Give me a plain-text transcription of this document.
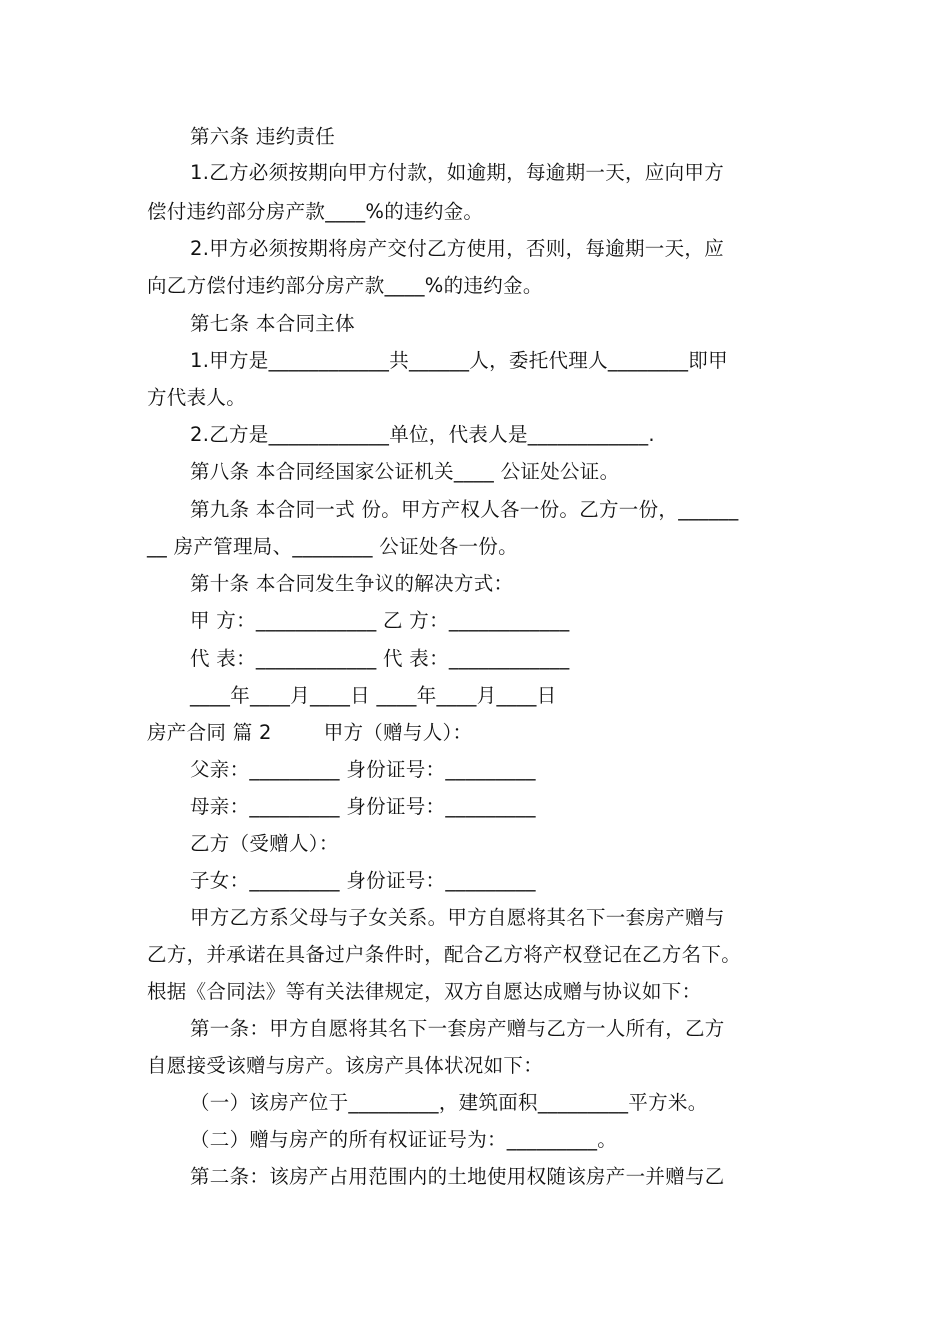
第六条 违约责任
1.乙方必须按期向甲方付款，如逾期，每逾期一天，应向甲方
偿付违约部分房产款____%的违约金。
2.甲方必须按期将房产交付乙方使用，否则，每逾期一天，应
向乙方偿付违约部分房产款____%的违约金。
第七条 本合同主体
1.甲方是____________共______人，委托代理人________即甲
方代表人。
2.乙方是____________单位，代表人是____________.
第八条 本合同经国家公证机关____ 公证处公证。
第九条 本合同一式 份。甲方产权人各一份。乙方一份，______
__ 房产管理局、________ 公证处各一份。
第十条 本合同发生争议的解决方式：
甲 方：____________ 乙 方：____________
代 表：____________ 代 表：____________
____年____月____日 ____年____月____日
房产合同 篇 2        甲方（赠与人）：
父亲：_________ 身份证号：_________
母亲：_________ 身份证号：_________
乙方（受赠人）：
子女：_________ 身份证号：_________
甲方乙方系父母与子女关系。甲方自愿将其名下一套房产赠与
乙方，并承诺在具备过户条件时，配合乙方将产权登记在乙方名下。
根据《合同法》等有关法律规定，双方自愿达成赠与协议如下：
第一条：甲方自愿将其名下一套房产赠与乙方一人所有，乙方
自愿接受该赠与房产。该房产具体状况如下：
（一）该房产位于_________，建筑面积_________平方米。
（二）赠与房产的所有权证证号为：_________。
第二条：该房产占用范围内的土地使用权随该房产一并赠与乙
